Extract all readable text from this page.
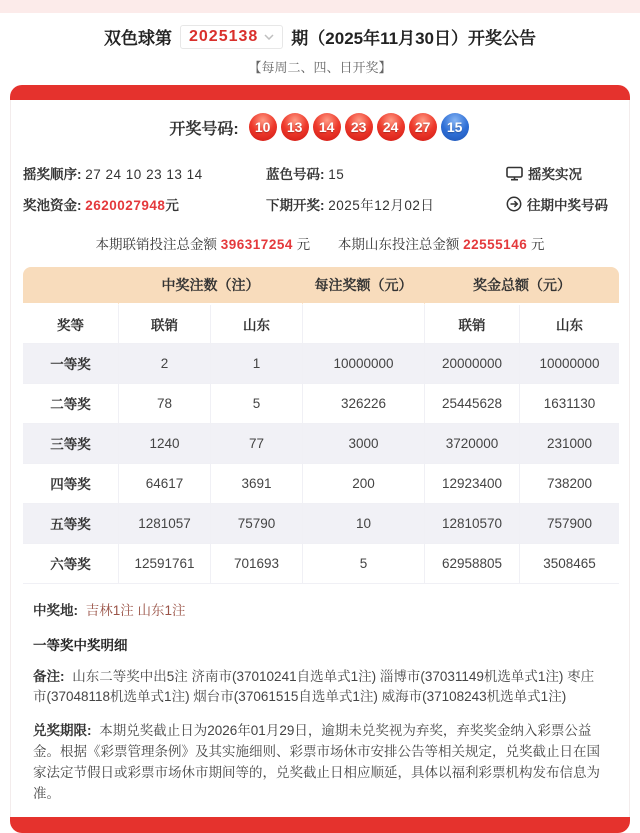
双色球第 2025138 期（2025年11月30日）开奖公告
【每周二、四、日开奖】
开奖号码:	10	13	14	23	24	27	15
摇奖顺序: 27 24 10 23 13 14	蓝色号码: 15	摇奖实况
奖池资金: 2620027948元	下期开奖: 2025年12月02日	往期中奖号码
本期联销投注总金额 396317254 元 本期山东投注总金额 22555146 元
	中奖注数（注）		每注奖额（元）	奖金总额（元）	
奖等	联销	山东		联销	山东
一等奖	2	1	10000000	20000000	10000000
二等奖	78	5	326226	25445628	1631130
三等奖	1240	77	3000	3720000	231000
四等奖	64617	3691	200	12923400	738200
五等奖	1281057	75790	10	12810570	757900
六等奖	12591761	701693	5	62958805	3508465
中奖地: 吉林1注 山东1注
一等奖中奖明细
备注: 山东二等奖中出5注 济南市(37010241自选单式1注) 淄博市(37031149机选单式1注) 枣庄市(37048118机选单式1注) 烟台市(37061515自选单式1注) 威海市(37108243机选单式1注)
兑奖期限: 本期兑奖截止日为2026年01月29日，逾期未兑奖视为弃奖，弃奖奖金纳入彩票公益金。根据《彩票管理条例》及其实施细则、彩票市场休市安排公告等相关规定，兑奖截止日在国家法定节假日或彩票市场休市期间等的，兑奖截止日相应顺延，具体以福利彩票机构发布信息为准。
